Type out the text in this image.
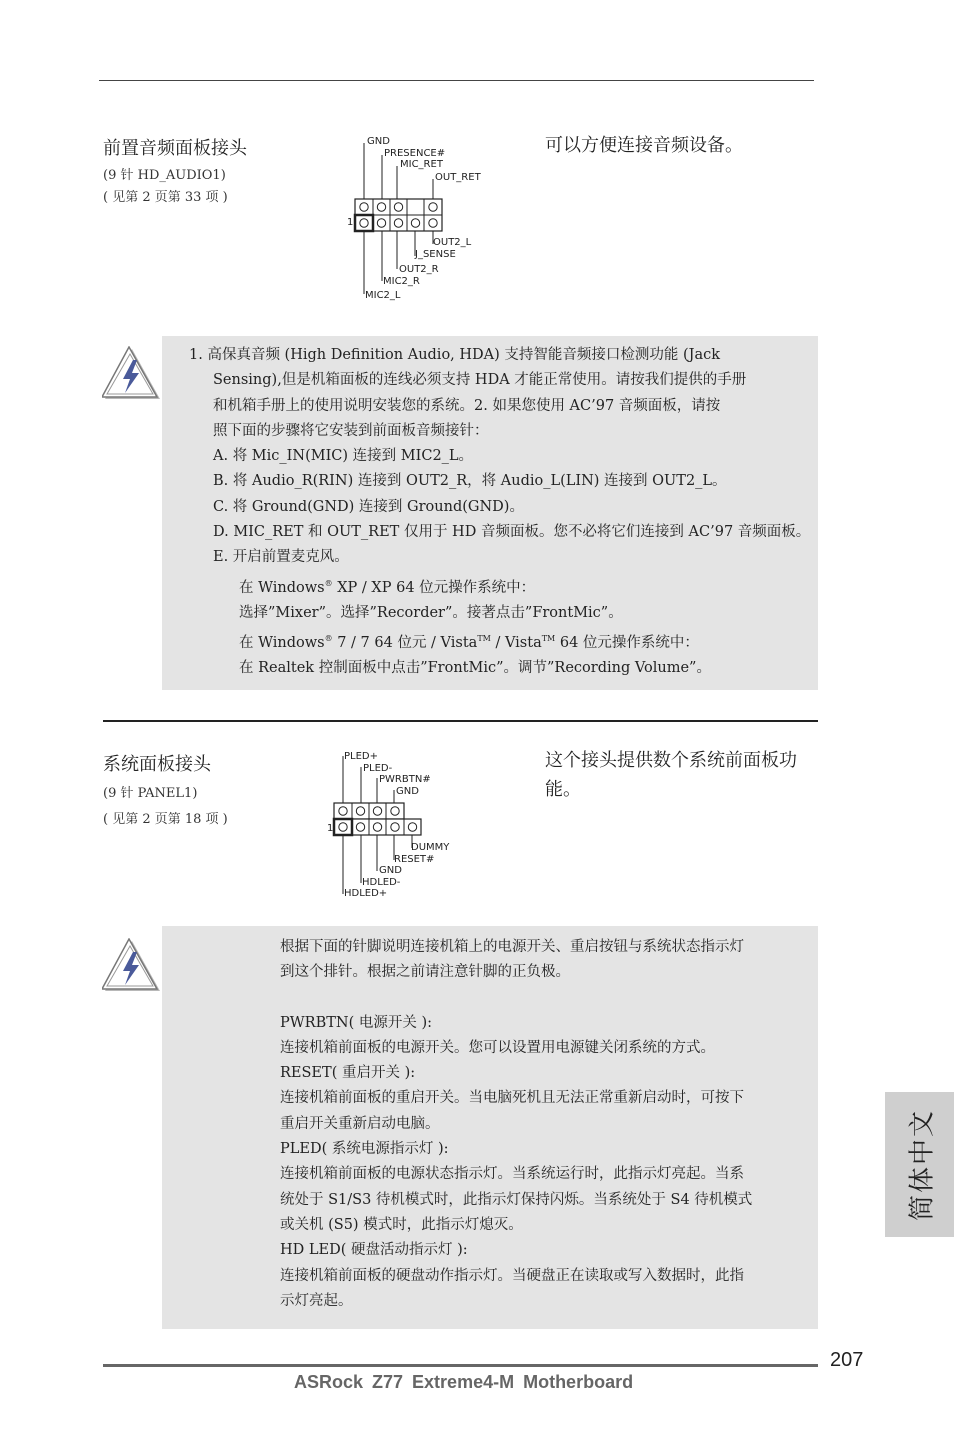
前置音频面板接头
(9 针 HD_AUDIO1)
( 见第 2 页第 33 项 )
可以方便连接音频设备。
1
GND
PRESENCE#
MIC_RET
OUT_RET
OUT2_L
J_SENSE
OUT2_R
MIC2_R
MIC2_L
1. 高保真音频 (High Definition Audio, HDA) 支持智能音频接口检测功能 (Jack
Sensing),但是机箱面板的连线必须支持 HDA 才能正常使用。请按我们提供的手册
和机箱手册上的使用说明安装您的系统。2. 如果您使用 AC’97 音频面板，请按
照下面的步骤将它安装到前面板音频接针：
A. 将 Mic_IN(MIC) 连接到 MIC2_L。
B. 将 Audio_R(RIN) 连接到 OUT2_R，将 Audio_L(LIN) 连接到 OUT2_L。
C. 将 Ground(GND) 连接到 Ground(GND)。
D. MIC_RET 和 OUT_RET 仅用于 HD 音频面板。您不必将它们连接到 AC’97 音频面板。
E. 开启前置麦克风。
在 Windows® XP / XP 64 位元操作系统中：
选择”Mixer”。选择”Recorder”。接著点击”FrontMic”。
在 Windows® 7 / 7 64 位元 / Vista™ / Vista™ 64 位元操作系统中：
在 Realtek 控制面板中点击”FrontMic”。调节”Recording Volume”。
系统面板接头
(9 针 PANEL1)
( 见第 2 页第 18 项 )
这个接头提供数个系统前面板功能。
1
PLED+
PLED-
PWRBTN#
GND
DUMMY
RESET#
GND
HDLED-
HDLED+
根据下面的针脚说明连接机箱上的电源开关、重启按钮与系统状态指示灯
到这个排针。根据之前请注意针脚的正负极。
PWRBTN( 电源开关 ):
连接机箱前面板的电源开关。您可以设置用电源键关闭系统的方式。
RESET( 重启开关 ):
连接机箱前面板的重启开关。当电脑死机且无法正常重新启动时，可按下
重启开关重新启动电脑。
PLED( 系统电源指示灯 ):
连接机箱前面板的电源状态指示灯。当系统运行时，此指示灯亮起。当系
统处于 S1/S3 待机模式时，此指示灯保持闪烁。当系统处于 S4 待机模式
或关机 (S5) 模式时，此指示灯熄灭。
HD LED( 硬盘活动指示灯 ):
连接机箱前面板的硬盘动作指示灯。当硬盘正在读取或写入数据时，此指
示灯亮起。
简体中文
207
ASRock Z77 Extreme4-M Motherboard
